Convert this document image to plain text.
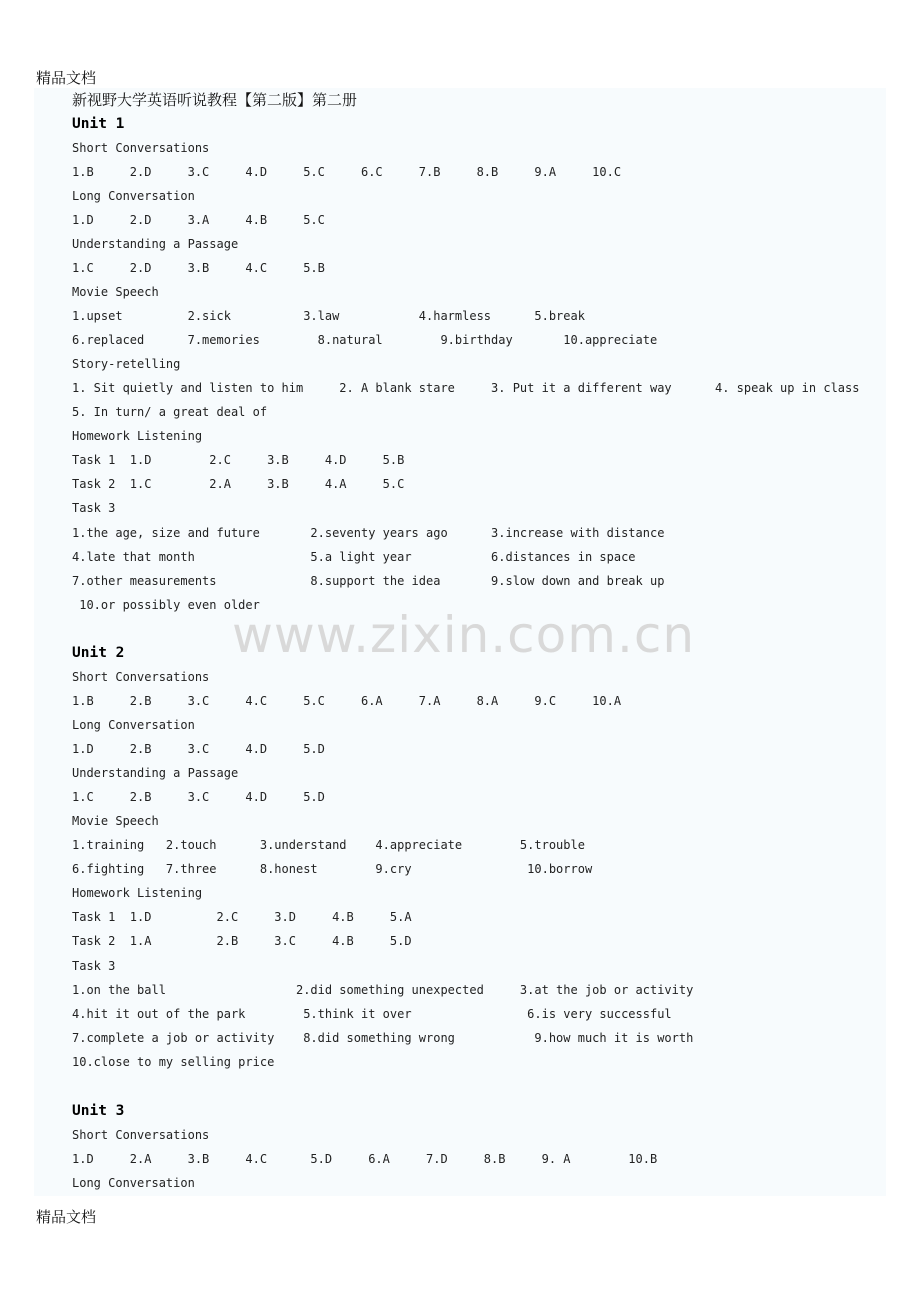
精品文档
www.zixin.com.cn
新视野大学英语听说教程【第二版】第二册
Unit 1
Short Conversations
1.B     2.D     3.C     4.D     5.C     6.C     7.B     8.B     9.A     10.C
Long Conversation
1.D     2.D     3.A     4.B     5.C
Understanding a Passage
1.C     2.D     3.B     4.C     5.B
Movie Speech
1.upset         2.sick          3.law           4.harmless      5.break
6.replaced      7.memories        8.natural        9.birthday       10.appreciate
Story-retelling
1. Sit quietly and listen to him     2. A blank stare     3. Put it a different way      4. speak up in class
5. In turn/ a great deal of
Homework Listening
Task 1  1.D        2.C     3.B     4.D     5.B
Task 2  1.C        2.A     3.B     4.A     5.C
Task 3
1.the age, size and future       2.seventy years ago      3.increase with distance
4.late that month                5.a light year           6.distances in space
7.other measurements             8.support the idea       9.slow down and break up
10.or possibly even older
Unit 2
Short Conversations
1.B     2.B     3.C     4.C     5.C     6.A     7.A     8.A     9.C     10.A
Long Conversation
1.D     2.B     3.C     4.D     5.D
Understanding a Passage
1.C     2.B     3.C     4.D     5.D
Movie Speech
1.training   2.touch      3.understand    4.appreciate        5.trouble
6.fighting   7.three      8.honest        9.cry                10.borrow
Homework Listening
Task 1  1.D         2.C     3.D     4.B     5.A
Task 2  1.A         2.B     3.C     4.B     5.D
Task 3
1.on the ball                  2.did something unexpected     3.at the job or activity
4.hit it out of the park        5.think it over                6.is very successful
7.complete a job or activity    8.did something wrong           9.how much it is worth
10.close to my selling price
Unit 3
Short Conversations
1.D     2.A     3.B     4.C      5.D     6.A     7.D     8.B     9. A        10.B
Long Conversation
精品文档
